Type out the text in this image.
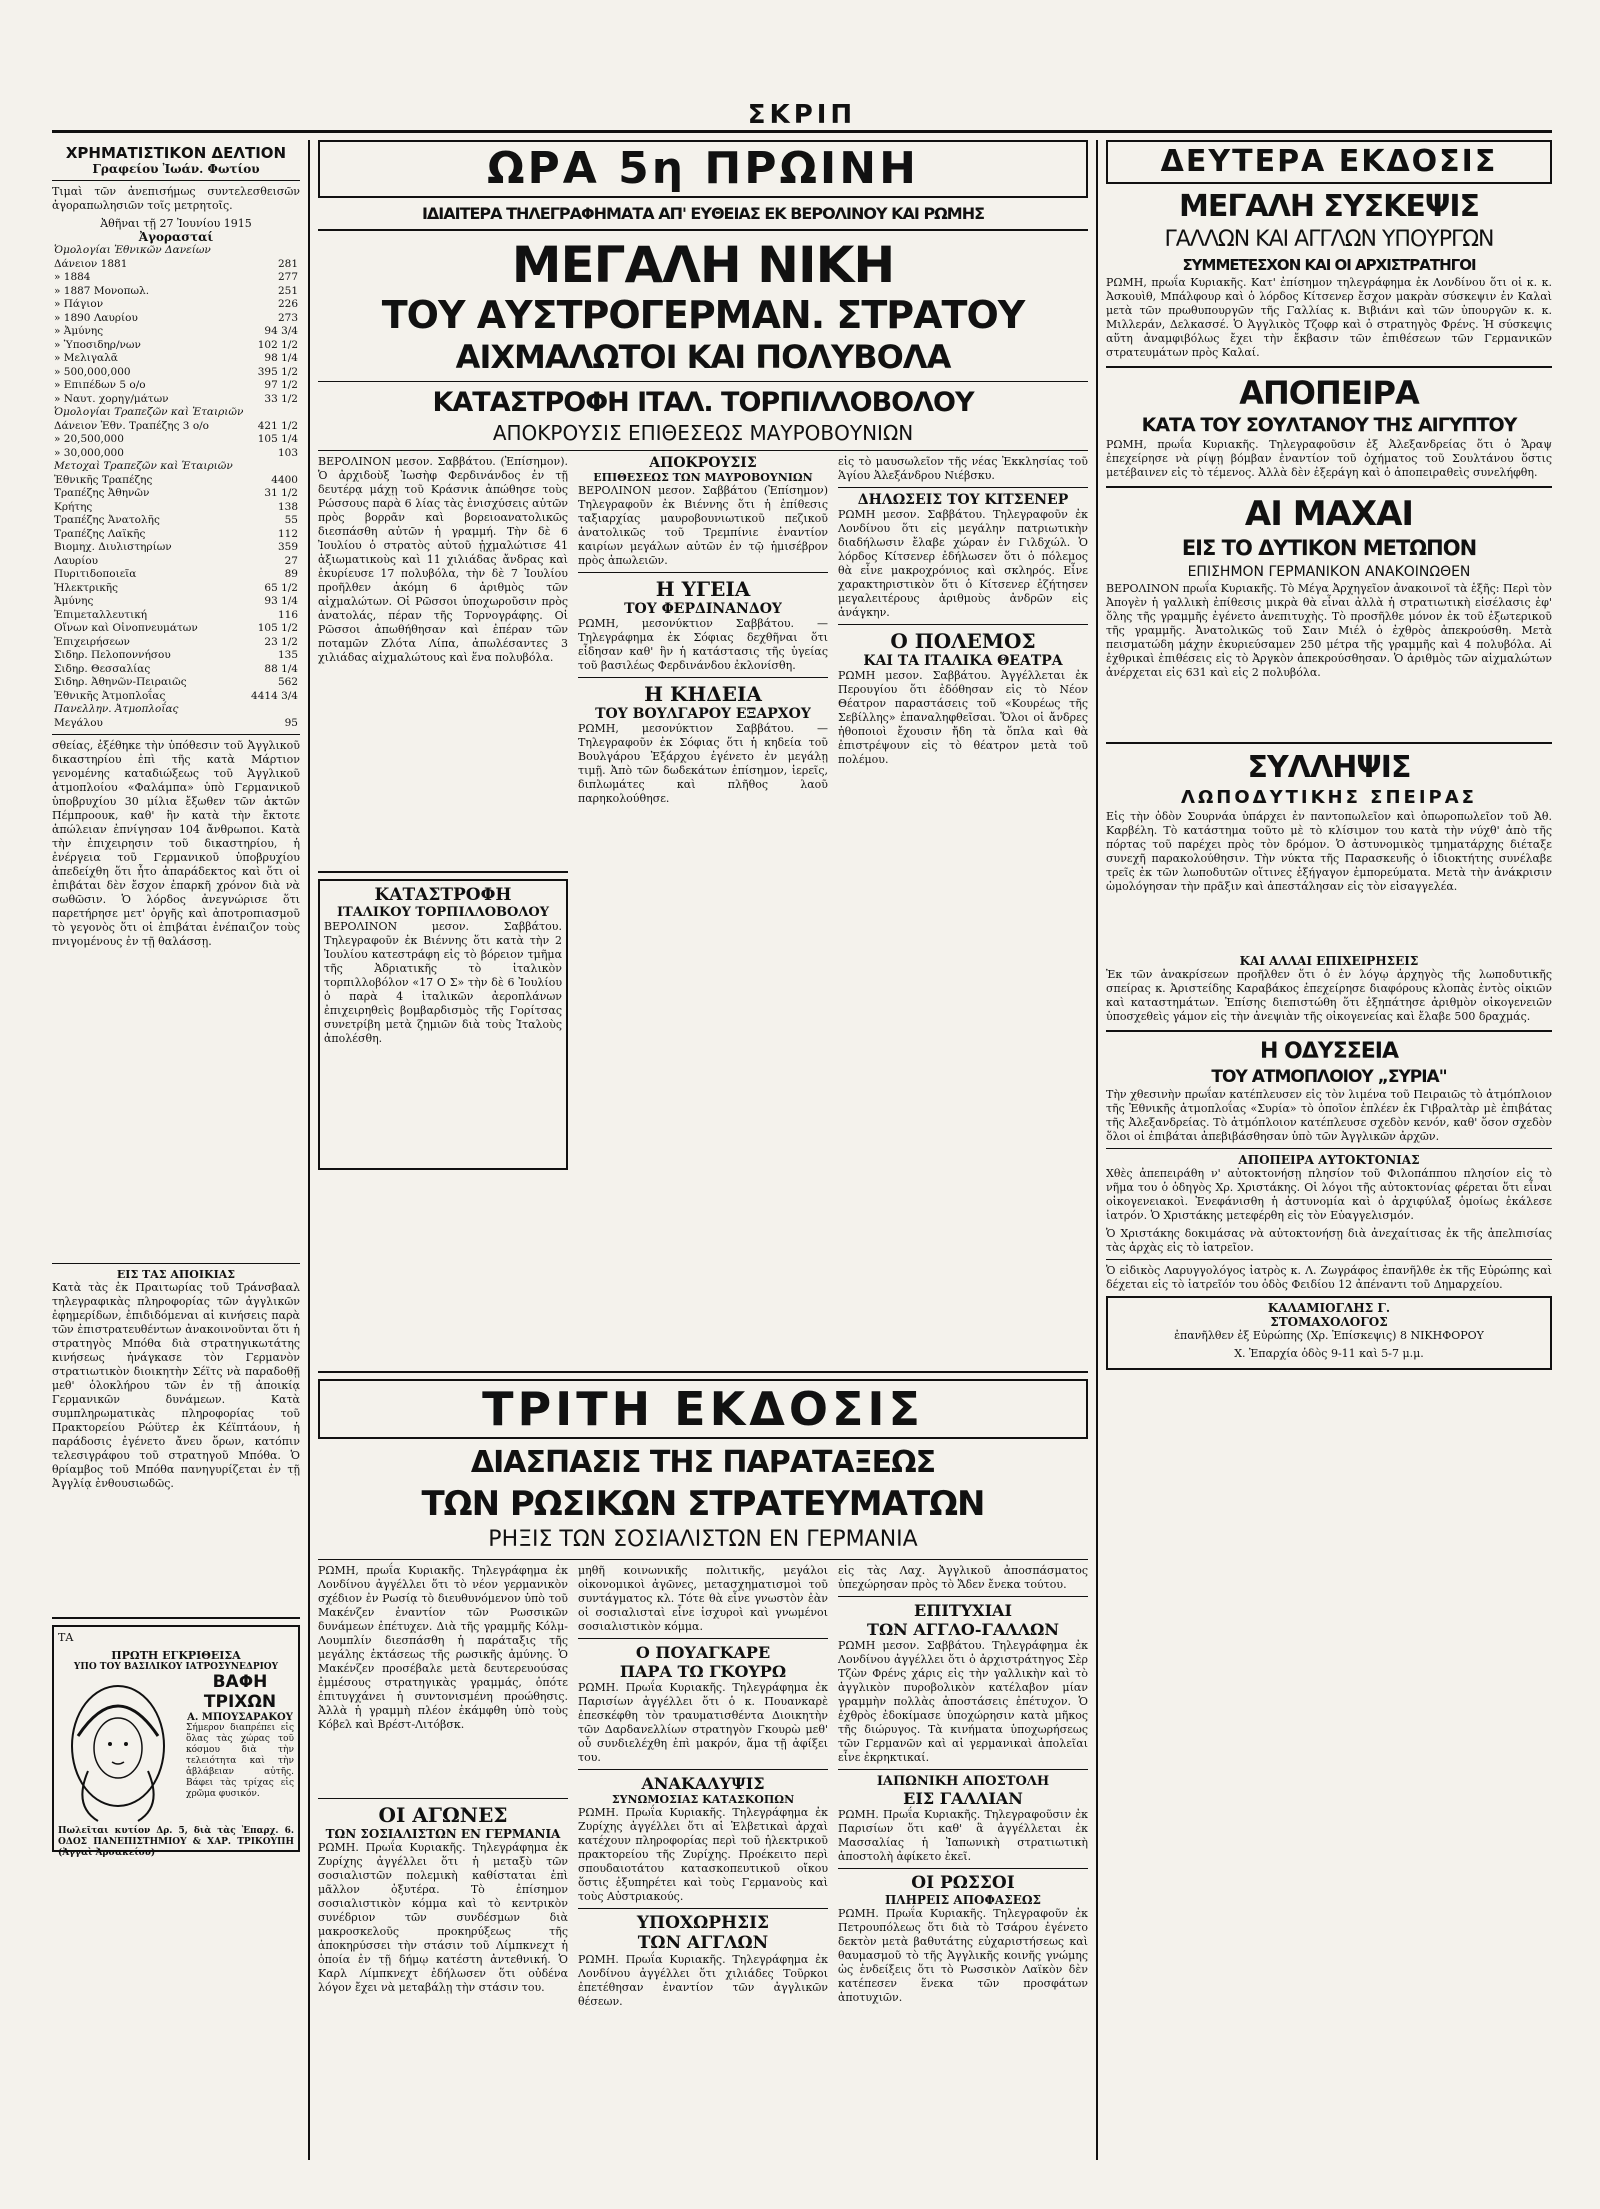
ΣΚΡΙΠ
ΧΡΗΜΑΤΙΣΤΙΚΟΝ ΔΕΛΤΙΟΝ
Γραφείου Ἰωάν. Φωτίου

Τιμαὶ τῶν ἀνεπισήμως συντελεσθεισῶν ἀγοραπωλησιῶν τοῖς μετρητοῖς.

Ἀθῆναι τῇ 27 Ἰουνίου 1915
Ἀγορασταί
Ὁμολογίαι Ἐθνικῶν Δανείων	
Δάνειον 1881	281
» 1884	277
» 1887 Μονοπωλ.	251
» Πάγιον	226
» 1890 Λαυρίου	273
» Ἀμύνης	94 3/4
» Ὑποσιδηρ/νων	102 1/2
» Μελιγαλᾶ	98 1/4
» 500,000,000	395 1/2
» Επιπέδων 5 o/o	97 1/2
» Ναυτ. χορηγ/μάτων	33 1/2
Ὁμολογίαι Τραπεζῶν καὶ Ἑταιριῶν	
Δάνειον Ἐθν. Τραπέζης 3 o/o	421 1/2
» 20,500,000	105 1/4
» 30,000,000	103
Μετοχαὶ Τραπεζῶν καὶ Ἑταιριῶν	
Ἐθνικῆς Τραπέζης	4400
Τραπέζης Ἀθηνῶν	31 1/2
Κρήτης	138
Τραπέζης Ἀνατολῆς	55
Τραπέζης Λαϊκῆς	112
Βιομηχ. Διυλιστηρίων	359
Λαυρίου	27
Πυριτιδοποιεῖα	89
Ἠλεκτρικῆς	65 1/2
Ἀμύνης	93 1/4
Ἐπιμεταλλευτική	116
Οἴνων καὶ Οἰνοπνευμάτων	105 1/2
Ἐπιχειρήσεων	23 1/2
Σιδηρ. Πελοποννήσου	135
Σιδηρ. Θεσσαλίας	88 1/4
Σιδηρ. Ἀθηνῶν-Πειραιῶς	562
Ἐθνικῆς Ἀτμοπλοΐας	4414 3/4
Πανελλην. Ἀτμοπλοΐας	
Μεγάλου	95

σθείας, ἐξέθηκε τὴν ὑπόθεσιν τοῦ Ἀγγλικοῦ δικαστηρίου ἐπὶ τῆς κατὰ Μάρτιον γενομένης καταδιώξεως τοῦ Ἀγγλικοῦ ἀτμοπλοίου «Φαλάμπα» ὑπὸ Γερμανικοῦ ὑποβρυχίου 30 μίλια ἔξωθεν τῶν ἀκτῶν Πέμπροουκ, καθ' ἣν κατὰ τὴν ἔκτοτε ἀπώλειαν ἐπνίγησαν 104 ἄνθρωποι. Κατὰ τὴν ἐπιχειρησιν τοῦ δικαστηρίου, ἡ ἐνέργεια τοῦ Γερμανικοῦ ὑποβρυχίου ἀπεδείχθη ὅτι ἦτο ἀπαράδεκτος καὶ ὅτι οἱ ἐπιβάται δὲν ἔσχον ἐπαρκῆ χρόνον διὰ νὰ σωθῶσιν. Ὁ λόρδος ἀνεγνώρισε ὅτι παρετήρησε μετ' ὀργῆς καὶ ἀποτροπιασμοῦ τὸ γεγονὸς ὅτι οἱ ἐπιβάται ἐνέπαιζον τοὺς πνιγομένους ἐν τῇ θαλάσσῃ.

ΕΙΣ ΤΑΣ ΑΠΟΙΚΙΑΣ

Κατὰ τὰς ἐκ Πραιτωρίας τοῦ Τράνσβααλ τηλεγραφικὰς πληροφορίας τῶν ἀγγλικῶν ἐφημερίδων, ἐπιδιδόμεναι αἱ κινήσεις παρὰ τῶν ἐπιστρατευθέντων ἀνακοινοῦνται ὅτι ἡ στρατηγὸς Μπόθα διὰ στρατηγικωτάτης κινήσεως ἠνάγκασε τὸν Γερμανὸν στρατιωτικὸν διοικητὴν Σέϊτς νὰ παραδοθῇ μεθ' ὁλοκλήρου τῶν ἐν τῇ ἀποικίᾳ Γερμανικῶν δυνάμεων. Κατὰ συμπληρωματικὰς πληροφορίας τοῦ Πρακτορείου Ρώϋτερ ἐκ Κέϊπτάουν, ἡ παράδοσις ἐγένετο ἄνευ ὅρων, κατόπιν τελεσιγράφου τοῦ στρατηγοῦ Μπόθα. Ὁ θρίαμβος τοῦ Μπόθα πανηγυρίζεται ἐν τῇ Ἀγγλίᾳ ἐνθουσιωδῶς.

ΤΑ
ΠΡΩΤΗ ΕΓΚΡΙΘΕΙΣΑ
ΥΠΟ ΤΟΥ ΒΑΣΙΛΙΚΟΥ ΙΑΤΡΟΣΥΝΕΔΡΙΟΥ
ΒΑΦΗ ΤΡΙΧΩΝ
Α. ΜΠΟΥΣΑΡΑΚΟΥ

Σήμερον διαπρέπει εἰς ὅλας τὰς χώρας τοῦ κόσμου διὰ τὴν τελειότητα καὶ τὴν ἀβλάβειαν αὐτῆς. Βάφει τὰς τρίχας εἰς χρῶμα φυσικόν.

Πωλεῖται κυτίον Δρ. 5, διὰ τὰς Ἐπαρχ. 6. ΟΔΟΣ ΠΑΝΕΠΙΣΤΗΜΙΟΥ & ΧΑΡ. ΤΡΙΚΟΥΠΗ (Ἀγγαὶ Ἀρσακείου)

ΩΡΑ 5η ΠΡΩΙΝΗ
ΙΔΙΑΙΤΕΡΑ ΤΗΛΕΓΡΑΦΗΜΑΤΑ ΑΠ' ΕΥΘΕΙΑΣ ΕΚ ΒΕΡΟΛΙΝΟΥ ΚΑΙ ΡΩΜΗΣ
ΜΕΓΑΛΗ ΝΙΚΗ
ΤΟΥ ΑΥΣΤΡΟΓΕΡΜΑΝ. ΣΤΡΑΤΟΥ
ΑΙΧΜΑΛΩΤΟΙ ΚΑΙ ΠΟΛΥΒΟΛΑ
ΚΑΤΑΣΤΡΟΦΗ ΙΤΑΛ. ΤΟΡΠΙΛΛΟΒΟΛΟΥ
ΑΠΟΚΡΟΥΣΙΣ ΕΠΙΘΕΣΕΩΣ ΜΑΥΡΟΒΟΥΝΙΩΝ

ΒΕΡΟΛΙΝΟΝ μεσον. Σαββάτου. (Ἐπίσημον). Ὁ ἀρχιδοὺξ Ἰωσὴφ Φερδινάνδος ἐν τῇ δευτέρᾳ μάχῃ τοῦ Κράσνικ ἀπώθησε τοὺς Ρώσσους παρὰ 6 λίας τὰς ἐνισχύσεις αὐτῶν πρὸς βορρᾶν καὶ βορειοανατολικῶς διεσπάσθη αὐτῶν ἡ γραμμή. Τὴν δὲ 6 Ἰουλίου ὁ στρατὸς αὐτοῦ ᾐχμαλώτισε 41 ἀξιωματικοὺς καὶ 11 χιλιάδας ἄνδρας καὶ ἐκυρίευσε 17 πολυβόλα, τὴν δὲ 7 Ἰουλίου προῆλθεν ἀκόμη 6 ἀριθμὸς τῶν αἰχμαλώτων. Οἱ Ρῶσσοι ὑποχωροῦσιν πρὸς ἀνατολάς, πέραν τῆς Τορνογράφης. Οἱ Ρῶσσοι ἀπωθήθησαν καὶ ἐπέραν τῶν ποταμῶν Ζλότα Λίπα, ἀπωλέσαντες 3 χιλιάδας αἰχμαλώτους καὶ ἕνα πολυβόλα.

ΚΑΤΑΣΤΡΟΦΗ
ΙΤΑΛΙΚΟΥ ΤΟΡΠΙΛΛΟΒΟΛΟΥ

ΒΕΡΟΛΙΝΟΝ μεσον. Σαββάτου. Τηλεγραφοῦν ἐκ Βιέννης ὅτι κατὰ τὴν 2 Ἰουλίου κατεστράφη εἰς τὸ βόρειον τμῆμα τῆς Ἀδριατικῆς τὸ ἰταλικὸν τορπιλλοβόλον «17 Ο Σ» τὴν δὲ 6 Ἰουλίου ὁ παρὰ 4 ἰταλικῶν ἀεροπλάνων ἐπιχειρηθεὶς βομβαρδισμὸς τῆς Γορίτσας συνετρίβη μετὰ ζημιῶν διὰ τοὺς Ἰταλοὺς ἀπολέσθη.

ΑΠΟΚΡΟΥΣΙΣ
ΕΠΙΘΕΣΕΩΣ ΤΩΝ ΜΑΥΡΟΒΟΥΝΙΩΝ

ΒΕΡΟΛΙΝΟΝ μεσον. Σαββάτου (Ἐπίσημον) Τηλεγραφοῦν ἐκ Βιέννης ὅτι ἡ ἐπίθεσις ταξιαρχίας μαυροβουνιωτικοῦ πεζικοῦ ἀνατολικῶς τοῦ Τρεμπίνιε ἐναντίον καιρίων μεγάλων αὐτῶν ἐν τῷ ἡμισέβρον πρὸς ἀπωλειῶν.

Η ΥΓΕΙΑ
ΤΟΥ ΦΕΡΔΙΝΑΝΔΟΥ

ΡΩΜΗ, μεσονύκτιον Σαββάτου. — Τηλεγράφημα ἐκ Σόφιας δεχθῆναι ὅτι εἶδησαν καθ' ἣν ἡ κατάστασις τῆς ὑγείας τοῦ βασιλέως Φερδινάνδου ἐκλονίσθη.

Η ΚΗΔΕΙΑ
ΤΟΥ ΒΟΥΛΓΑΡΟΥ ΕΞΑΡΧΟΥ

ΡΩΜΗ, μεσονύκτιον Σαββάτου. — Τηλεγραφοῦν ἐκ Σόφιας ὅτι ἡ κηδεία τοῦ Βουλγάρου Ἐξάρχου ἐγένετο ἐν μεγάλῃ τιμῇ. Ἀπὸ τῶν δωδεκάτων ἐπίσημον, ἱερεῖς, διπλωμάτες καὶ πλῆθος λαοῦ παρηκολούθησε.

εἰς τὸ μαυσωλεῖον τῆς νέας Ἐκκλησίας τοῦ Ἁγίου Ἀλεξάνδρου Νιέβσκυ.

ΔΗΛΩΣΕΙΣ ΤΟΥ ΚΙΤΣΕΝΕΡ

ΡΩΜΗ μεσον. Σαββάτου. Τηλεγραφοῦν ἐκ Λονδίνου ὅτι εἰς μεγάλην πατριωτικὴν διαδήλωσιν ἔλαβε χώραν ἐν Γιλδχώλ. Ὁ λόρδος Κίτσενερ ἐδήλωσεν ὅτι ὁ πόλεμος θὰ εἶνε μακροχρόνιος καὶ σκληρός. Εἶνε χαρακτηριστικὸν ὅτι ὁ Κίτσενερ ἐζήτησεν μεγαλειτέρους ἀριθμοὺς ἀνδρῶν εἰς ἀνάγκην.

Ο ΠΟΛΕΜΟΣ
ΚΑΙ ΤΑ ΙΤΑΛΙΚΑ ΘΕΑΤΡΑ

ΡΩΜΗ μεσον. Σαββάτου. Ἀγγέλλεται ἐκ Περουγίου ὅτι ἐδόθησαν εἰς τὸ Νέον Θέατρον παραστάσεις τοῦ «Κουρέως τῆς Σεβίλλης» ἐπαναληφθεῖσαι. Ὅλοι οἱ ἄνδρες ἠθοποιοὶ ἔχουσιν ἤδη τὰ ὅπλα καὶ θὰ ἐπιστρέψουν εἰς τὸ θέατρον μετὰ τοῦ πολέμου.

ΤΡΙΤΗ ΕΚΔΟΣΙΣ
ΔΙΑΣΠΑΣΙΣ ΤΗΣ ΠΑΡΑΤΑΞΕΩΣ
ΤΩΝ ΡΩΣΙΚΩΝ ΣΤΡΑΤΕΥΜΑΤΩΝ
ΡΗΞΙΣ ΤΩΝ ΣΟΣΙΑΛΙΣΤΩΝ ΕΝ ΓΕΡΜΑΝΙΑ

ΡΩΜΗ, πρωΐα Κυριακῆς. Τηλεγράφημα ἐκ Λονδίνου ἀγγέλλει ὅτι τὸ νέον γερμανικὸν σχέδιον ἐν Ρωσίᾳ τὸ διευθυνόμενον ὑπὸ τοῦ Μακένζεν ἐναντίον τῶν Ρωσσικῶν δυνάμεων ἐπέτυχεν. Διὰ τῆς γραμμῆς Κόλμ-Λουμπλίν διεσπάσθη ἡ παράταξις τῆς μεγάλης ἐκτάσεως τῆς ρωσικῆς ἀμύνης. Ὁ Μακένζεν προσέβαλε μετὰ δευτερευούσας ἐμμέσους στρατηγικὰς γραμμάς, ὁπότε ἐπιτυγχάνει ἡ συντονισμένη προώθησις. Ἀλλὰ ἡ γραμμὴ πλέον ἐκάμφθη ὑπὸ τοὺς Κόβελ καὶ Βρέστ-Λιτόβσκ.

ΟΙ ΑΓΩΝΕΣ
ΤΩΝ ΣΟΣΙΑΛΙΣΤΩΝ ΕΝ ΓΕΡΜΑΝΙΑ

ΡΩΜΗ. Πρωΐα Κυριακῆς. Τηλεγράφημα ἐκ Ζυρίχης ἀγγέλλει ὅτι ἡ μεταξὺ τῶν σοσιαλιστῶν πολεμικὴ καθίσταται ἐπὶ μᾶλλον ὀξυτέρα. Τὸ ἐπίσημον σοσιαλιστικὸν κόμμα καὶ τὸ κεντρικὸν συνέδριον τῶν συνδέσμων διὰ μακροσκελοῦς προκηρύξεως τῆς ἀποκηρύσσει τὴν στάσιν τοῦ Λίμπκνεχτ ἡ ὁποία ἐν τῇ δήμῳ κατέστη ἀντεθνική. Ὁ Καρλ Λίμπκνεχτ ἐδήλωσεν ὅτι οὐδένα λόγον ἔχει νὰ μεταβάλῃ τὴν στάσιν του.

μηθῆ κοινωνικῆς πολιτικῆς, μεγάλοι οἰκονομικοὶ ἀγῶνες, μετασχηματισμοὶ τοῦ συντάγματος κλ. Τότε θὰ εἶνε γνωστὸν ἐὰν οἱ σοσιαλισταὶ εἶνε ἰσχυροὶ καὶ γνωμένοι σοσιαλιστικὸν κόμμα.

Ο ΠΟΥΑΓΚΑΡΕ
ΠΑΡΑ ΤΩ ΓΚΟΥΡΩ

ΡΩΜΗ. Πρωΐα Κυριακῆς. Τηλεγράφημα ἐκ Παρισίων ἀγγέλλει ὅτι ὁ κ. Πουανκαρὲ ἐπεσκέφθη τὸν τραυματισθέντα Διοικητὴν τῶν Δαρδανελλίων στρατηγὸν Γκουρὼ μεθ' οὗ συνδιελέχθη ἐπὶ μακρόν, ἅμα τῇ ἀφίξει του.

ΑΝΑΚΑΛΥΨΙΣ
ΣΥΝΩΜΟΣΙΑΣ ΚΑΤΑΣΚΟΠΩΝ

ΡΩΜΗ. Πρωΐα Κυριακῆς. Τηλεγράφημα ἐκ Ζυρίχης ἀγγέλλει ὅτι αἱ Ἑλβετικαὶ ἀρχαὶ κατέχουν πληροφορίας περὶ τοῦ ἠλεκτρικοῦ πρακτορείου τῆς Ζυρίχης. Προέκειτο περὶ σπουδαιοτάτου κατασκοπευτικοῦ οἴκου ὅστις ἐξυπηρέτει καὶ τοὺς Γερμανοὺς καὶ τοὺς Αὐστριακούς.

ΥΠΟΧΩΡΗΣΙΣ
ΤΩΝ ΑΓΓΛΩΝ

ΡΩΜΗ. Πρωΐα Κυριακῆς. Τηλεγράφημα ἐκ Λονδίνου ἀγγέλλει ὅτι χιλιάδες Τοῦρκοι ἐπετέθησαν ἐναντίον τῶν ἀγγλικῶν θέσεων.

εἰς τὰς Λαχ. Ἀγγλικοῦ ἀποσπάσματος ὑπεχώρησαν πρὸς τὸ Ἄδεν ἔνεκα τούτου.

ΕΠΙΤΥΧΙΑΙ
ΤΩΝ ΑΓΓΛΟ-ΓΑΛΛΩΝ

ΡΩΜΗ μεσον. Σαββάτου. Τηλεγράφημα ἐκ Λονδίνου ἀγγέλλει ὅτι ὁ ἀρχιστράτηγος Σὲρ Τζὼν Φρένς χάρις εἰς τὴν γαλλικὴν καὶ τὸ ἀγγλικὸν πυροβολικὸν κατέλαβον μίαν γραμμὴν πολλὰς ἀποστάσεις ἐπέτυχον. Ὁ ἐχθρὸς ἐδοκίμασε ὑποχώρησιν κατὰ μῆκος τῆς διώρυγος. Τὰ κινήματα ὑποχωρήσεως τῶν Γερμανῶν καὶ αἱ γερμανικαὶ ἀπολεῖαι εἶνε ἐκρηκτικαί.

ΙΑΠΩΝΙΚΗ ΑΠΟΣΤΟΛΗ
ΕΙΣ ΓΑΛΛΙΑΝ

ΡΩΜΗ. Πρωΐα Κυριακῆς. Τηλεγραφοῦσιν ἐκ Παρισίων ὅτι καθ' ἃ ἀγγέλλεται ἐκ Μασσαλίας ἡ Ἰαπωνικὴ στρατιωτικὴ ἀποστολὴ ἀφίκετο ἐκεῖ.

ΟΙ ΡΩΣΣΟΙ
ΠΛΗΡΕΙΣ ΑΠΟΦΑΣΕΩΣ

ΡΩΜΗ. Πρωΐα Κυριακῆς. Τηλεγραφοῦν ἐκ Πετρουπόλεως ὅτι διὰ τὸ Τσάρου ἐγένετο δεκτὸν μετὰ βαθυτάτης εὐχαριστήσεως καὶ θαυμασμοῦ τὸ τῆς Ἀγγλικῆς κοινῆς γνώμης ὡς ἐνδείξεις ὅτι τὸ Ρωσσικὸν Λαϊκὸν δὲν κατέπεσεν ἕνεκα τῶν προσφάτων ἀποτυχιῶν.

ΔΕΥΤΕΡΑ ΕΚΔΟΣΙΣ
ΜΕΓΑΛΗ ΣΥΣΚΕΨΙΣ
ΓΑΛΛΩΝ ΚΑΙ ΑΓΓΛΩΝ ΥΠΟΥΡΓΩΝ
ΣΥΜΜΕΤΕΣΧΟΝ ΚΑΙ ΟΙ ΑΡΧΙΣΤΡΑΤΗΓΟΙ

ΡΩΜΗ, πρωΐα Κυριακῆς. Κατ' ἐπίσημον τηλεγράφημα ἐκ Λονδίνου ὅτι οἱ κ. κ. Ἀσκουὶθ, Μπάλφουρ καὶ ὁ λόρδος Κίτσενερ ἔσχον μακρὰν σύσκεψιν ἐν Καλαὶ μετὰ τῶν πρωθυπουργῶν τῆς Γαλλίας κ. Βιβιάνι καὶ τῶν ὑπουργῶν κ. κ. Μιλλεράν, Δελκασσέ. Ὁ Ἀγγλικὸς Τζοφρ καὶ ὁ στρατηγὸς Φρένς. Ἡ σύσκεψις αὕτη ἀναμφιβόλως ἔχει τὴν ἔκβασιν τῶν ἐπιθέσεων τῶν Γερμανικῶν στρατευμάτων πρὸς Καλαί.

ΑΠΟΠΕΙΡΑ
ΚΑΤΑ ΤΟΥ ΣΟΥΛΤΑΝΟΥ ΤΗΣ ΑΙΓΥΠΤΟΥ

ΡΩΜΗ, πρωΐα Κυριακῆς. Τηλεγραφοῦσιν ἐξ Ἀλεξανδρείας ὅτι ὁ Ἄραψ ἐπεχείρησε νὰ ρίψῃ βόμβαν ἐναντίον τοῦ ὀχήματος τοῦ Σουλτάνου ὅστις μετέβαινεν εἰς τὸ τέμενος. Ἀλλὰ δὲν ἐξεράγη καὶ ὁ ἀποπειραθεὶς συνελήφθη.

ΑΙ ΜΑΧΑΙ
ΕΙΣ ΤΟ ΔΥΤΙΚΟΝ ΜΕΤΩΠΟΝ
ΕΠΙΣΗΜΟΝ ΓΕΡΜΑΝΙΚΟΝ ΑΝΑΚΟΙΝΩΘΕΝ

ΒΕΡΟΛΙΝΟΝ πρωΐα Κυριακῆς. Τὸ Μέγα Ἀρχηγεῖον ἀνακοινοῖ τὰ ἑξῆς: Περὶ τὸν Ἀπογὲν ἡ γαλλικὴ ἐπίθεσις μικρὰ θὰ εἶναι ἀλλὰ ἡ στρατιωτικὴ εἰσέλασις ἐφ' ὅλης τῆς γραμμῆς ἐγένετο ἀνεπιτυχὴς. Τὸ προσῆλθε μόνον ἐκ τοῦ ἐξωτερικοῦ τῆς γραμμῆς. Ἀνατολικῶς τοῦ Σαιν Μιέλ ὁ ἐχθρὸς ἀπεκρούσθη. Μετὰ πεισματώδη μάχην ἐκυριεύσαμεν 250 μέτρα τῆς γραμμῆς καὶ 4 πολυβόλα. Αἱ ἐχθρικαὶ ἐπιθέσεις εἰς τὸ Ἀργκὸν ἀπεκρούσθησαν. Ὁ ἀριθμὸς τῶν αἰχμαλώτων ἀνέρχεται εἰς 631 καὶ εἰς 2 πολυβόλα.

ΣΥΛΛΗΨΙΣ
ΛΩΠΟΔΥΤΙΚΗΣ ΣΠΕΙΡΑΣ

Εἰς τὴν ὁδὸν Σουρνάα ὑπάρχει ἐν παντοπωλεῖον καὶ ὀπωροπωλεῖον τοῦ Ἀθ. Καρβέλη. Τὸ κατάστημα τοῦτο μὲ τὸ κλίσιμον του κατὰ τὴν νύχθ' ἀπὸ τῆς πόρτας τοῦ παρέχει πρὸς τὸν δρόμον. Ὁ ἀστυνομικὸς τμηματάρχης διέταξε συνεχῆ παρακολούθησιν. Τὴν νύκτα τῆς Παρασκευῆς ὁ ἰδιοκτήτης συνέλαβε τρεῖς ἐκ τῶν λωποδυτῶν οἵτινες ἐξήγαγον ἐμπορεύματα. Μετὰ τὴν ἀνάκρισιν ὡμολόγησαν τὴν πρᾶξιν καὶ ἀπεστάλησαν εἰς τὸν εἰσαγγελέα.

ΚΑΙ ΑΛΛΑΙ ΕΠΙΧΕΙΡΗΣΕΙΣ

Ἐκ τῶν ἀνακρίσεων προῆλθεν ὅτι ὁ ἐν λόγῳ ἀρχηγὸς τῆς λωποδυτικῆς σπείρας κ. Ἀριστείδης Καραβάκος ἐπεχείρησε διαφόρους κλοπὰς ἐντὸς οἰκιῶν καὶ καταστημάτων. Ἐπίσης διεπιστώθη ὅτι ἐξηπάτησε ἀριθμὸν οἰκογενειῶν ὑποσχεθεὶς γάμον εἰς τὴν ἀνεψιὰν τῆς οἰκογενείας καὶ ἔλαβε 500 δραχμάς.

Η ΟΔΥΣΣΕΙΑ
ΤΟΥ ΑΤΜΟΠΛΟΙΟΥ „ΣΥΡΙΑ"

Τὴν χθεσινὴν πρωΐαν κατέπλευσεν εἰς τὸν λιμένα τοῦ Πειραιῶς τὸ ἀτμόπλοιον τῆς Ἐθνικῆς ἀτμοπλοΐας «Συρία» τὸ ὁποῖον ἐπλέεν ἐκ Γιβραλτὰρ μὲ ἐπιβάτας τῆς Ἀλεξανδρείας. Τὸ ἀτμόπλοιον κατέπλευσε σχεδὸν κενόν, καθ' ὅσον σχεδὸν ὅλοι οἱ ἐπιβάται ἀπεβιβάσθησαν ὑπὸ τῶν Ἀγγλικῶν ἀρχῶν.

ΑΠΟΠΕΙΡΑ ΑΥΤΟΚΤΟΝΙΑΣ

Χθὲς ἀπεπειράθη ν' αὐτοκτονήσῃ πλησίον τοῦ Φιλοπάππου πλησίον εἰς τὸ νῆμα του ὁ ὁδηγὸς Χρ. Χριστάκης. Οἱ λόγοι τῆς αὐτοκτονίας φέρεται ὅτι εἶναι οἰκογενειακοὶ. Ἐνεφάνισθη ἡ ἀστυνομία καὶ ὁ ἀρχιφύλαξ ὁμοίως ἐκάλεσε ἰατρόν. Ὁ Χριστάκης μετεφέρθη εἰς τὸν Εὐαγγελισμόν.

Ὁ Χριστάκης δοκιμάσας νὰ αὐτοκτονήσῃ διὰ ἀνεχαίτισας ἐκ τῆς ἀπελπισίας τὰς ἀρχὰς εἰς τὸ ἰατρεῖον.

Ὁ εἰδικὸς Λαρυγγολόγος ἰατρὸς κ. Λ. Ζωγράφος ἐπανῆλθε ἐκ τῆς Εὐρώπης καὶ δέχεται εἰς τὸ ἰατρεῖόν του ὁδὸς Φειδίου 12 ἀπέναντι τοῦ Δημαρχείου.

ΚΑΛΑΜΙΟΓΛΗΣ Γ.
ΣΤΟΜΑΧΟΛΟΓΟΣ
ἐπανῆλθεν ἐξ Εὐρώπης (Χρ. Ἐπίσκεψις) 8 ΝΙΚΗΦΟΡΟΥ
Χ. Ἐπαρχία ὁδὸς 9-11 καὶ 5-7 μ.μ.
